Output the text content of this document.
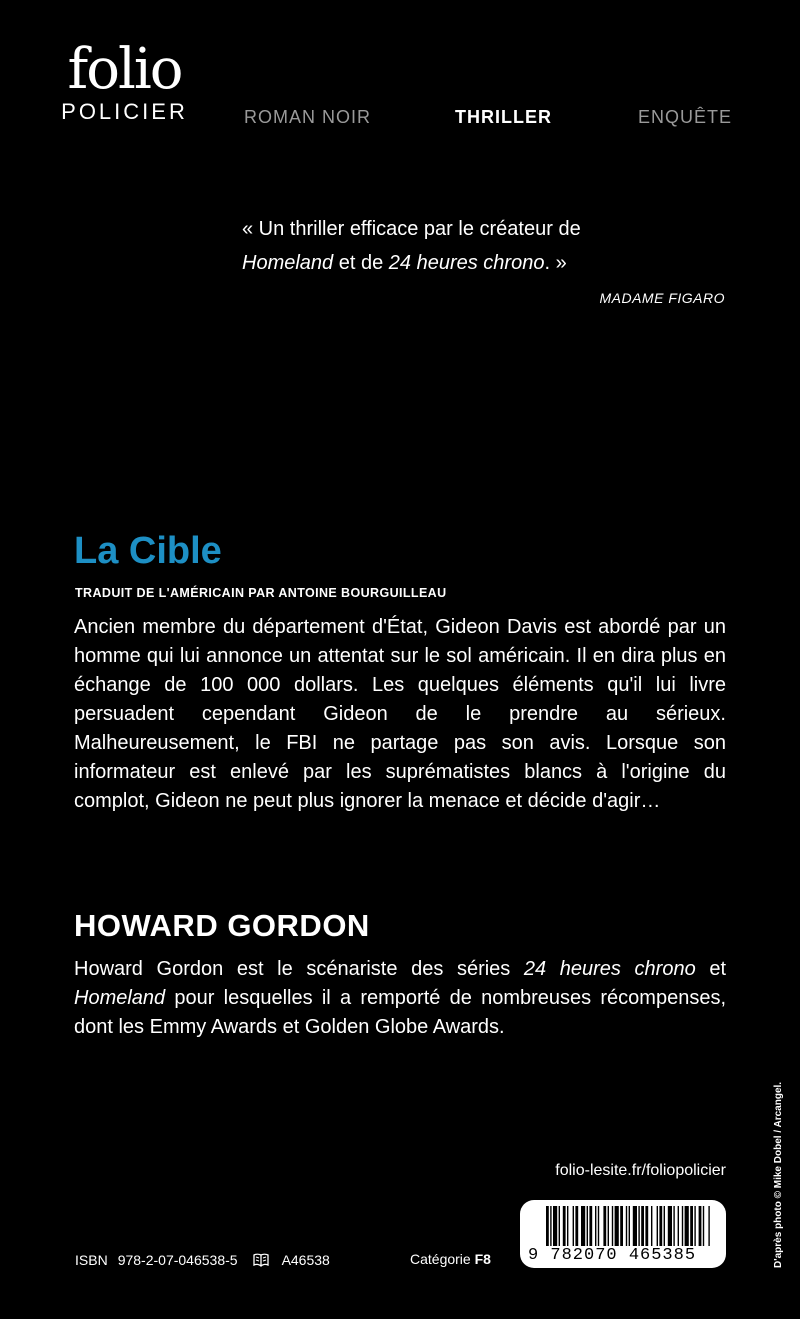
folio
POLICIER	ROMAN NOIR	THRILLER	ENQUÊTE
« Un thriller efficace par le créateur de
Homeland et de 24 heures chrono. »
MADAME FIGARO
La Cible
TRADUIT DE L'AMÉRICAIN PAR ANTOINE BOURGUILLEAU
Ancien membre du département d'État, Gideon Davis est abordé par un homme qui lui annonce un attentat sur le sol américain. Il en dira plus en échange de 100 000 dollars. Les quelques éléments qu'il lui livre persuadent cependant Gideon de le prendre au sérieux. Malheureusement, le FBI ne partage pas son avis. Lorsque son informateur est enlevé par les suprématistes blancs à l'origine du complot, Gideon ne peut plus ignorer la menace et décide d'agir…
HOWARD GORDON
Howard Gordon est le scénariste des séries 24 heures chrono et Homeland pour lesquelles il a remporté de nombreuses récompenses, dont les Emmy Awards et Golden Globe Awards.
D'après photo © Mike Dobel / Arcangel.
folio-lesite.fr/foliopolicier
ISBN 978-2-07-046538-5	A46538	Catégorie F8 9 782070 465385
